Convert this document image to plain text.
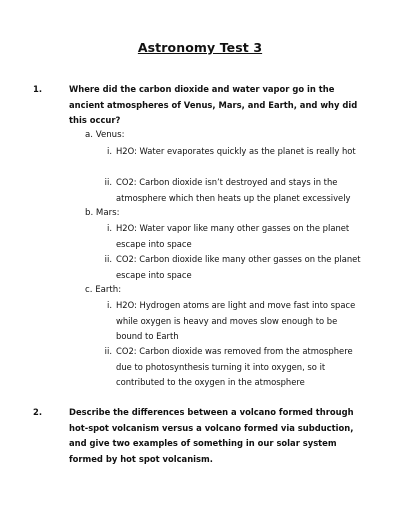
Astronomy Test 3
1.	Where did the carbon dioxide and water vapor go in the ancient atmospheres of Venus, Mars, and Earth, and why did this occur?
a. Venus:
i. H2O: Water evaporates quickly as the planet is really hot
ii. CO2: Carbon dioxide isn’t destroyed and stays in the atmosphere which then heats up the planet excessively
b. Mars:
i. H2O: Water vapor like many other gasses on the planet escape into space
ii. CO2: Carbon dioxide like many other gasses on the planet escape into space
c. Earth:
i. H2O: Hydrogen atoms are light and move fast into space while oxygen is heavy and moves slow enough to be bound to Earth
ii. CO2: Carbon dioxide was removed from the atmosphere due to photosynthesis turning it into oxygen, so it contributed to the oxygen in the atmosphere
2.	Describe the differences between a volcano formed through hot-spot volcanism versus a volcano formed via subduction, and give two examples of something in our solar system formed by hot spot volcanism.
